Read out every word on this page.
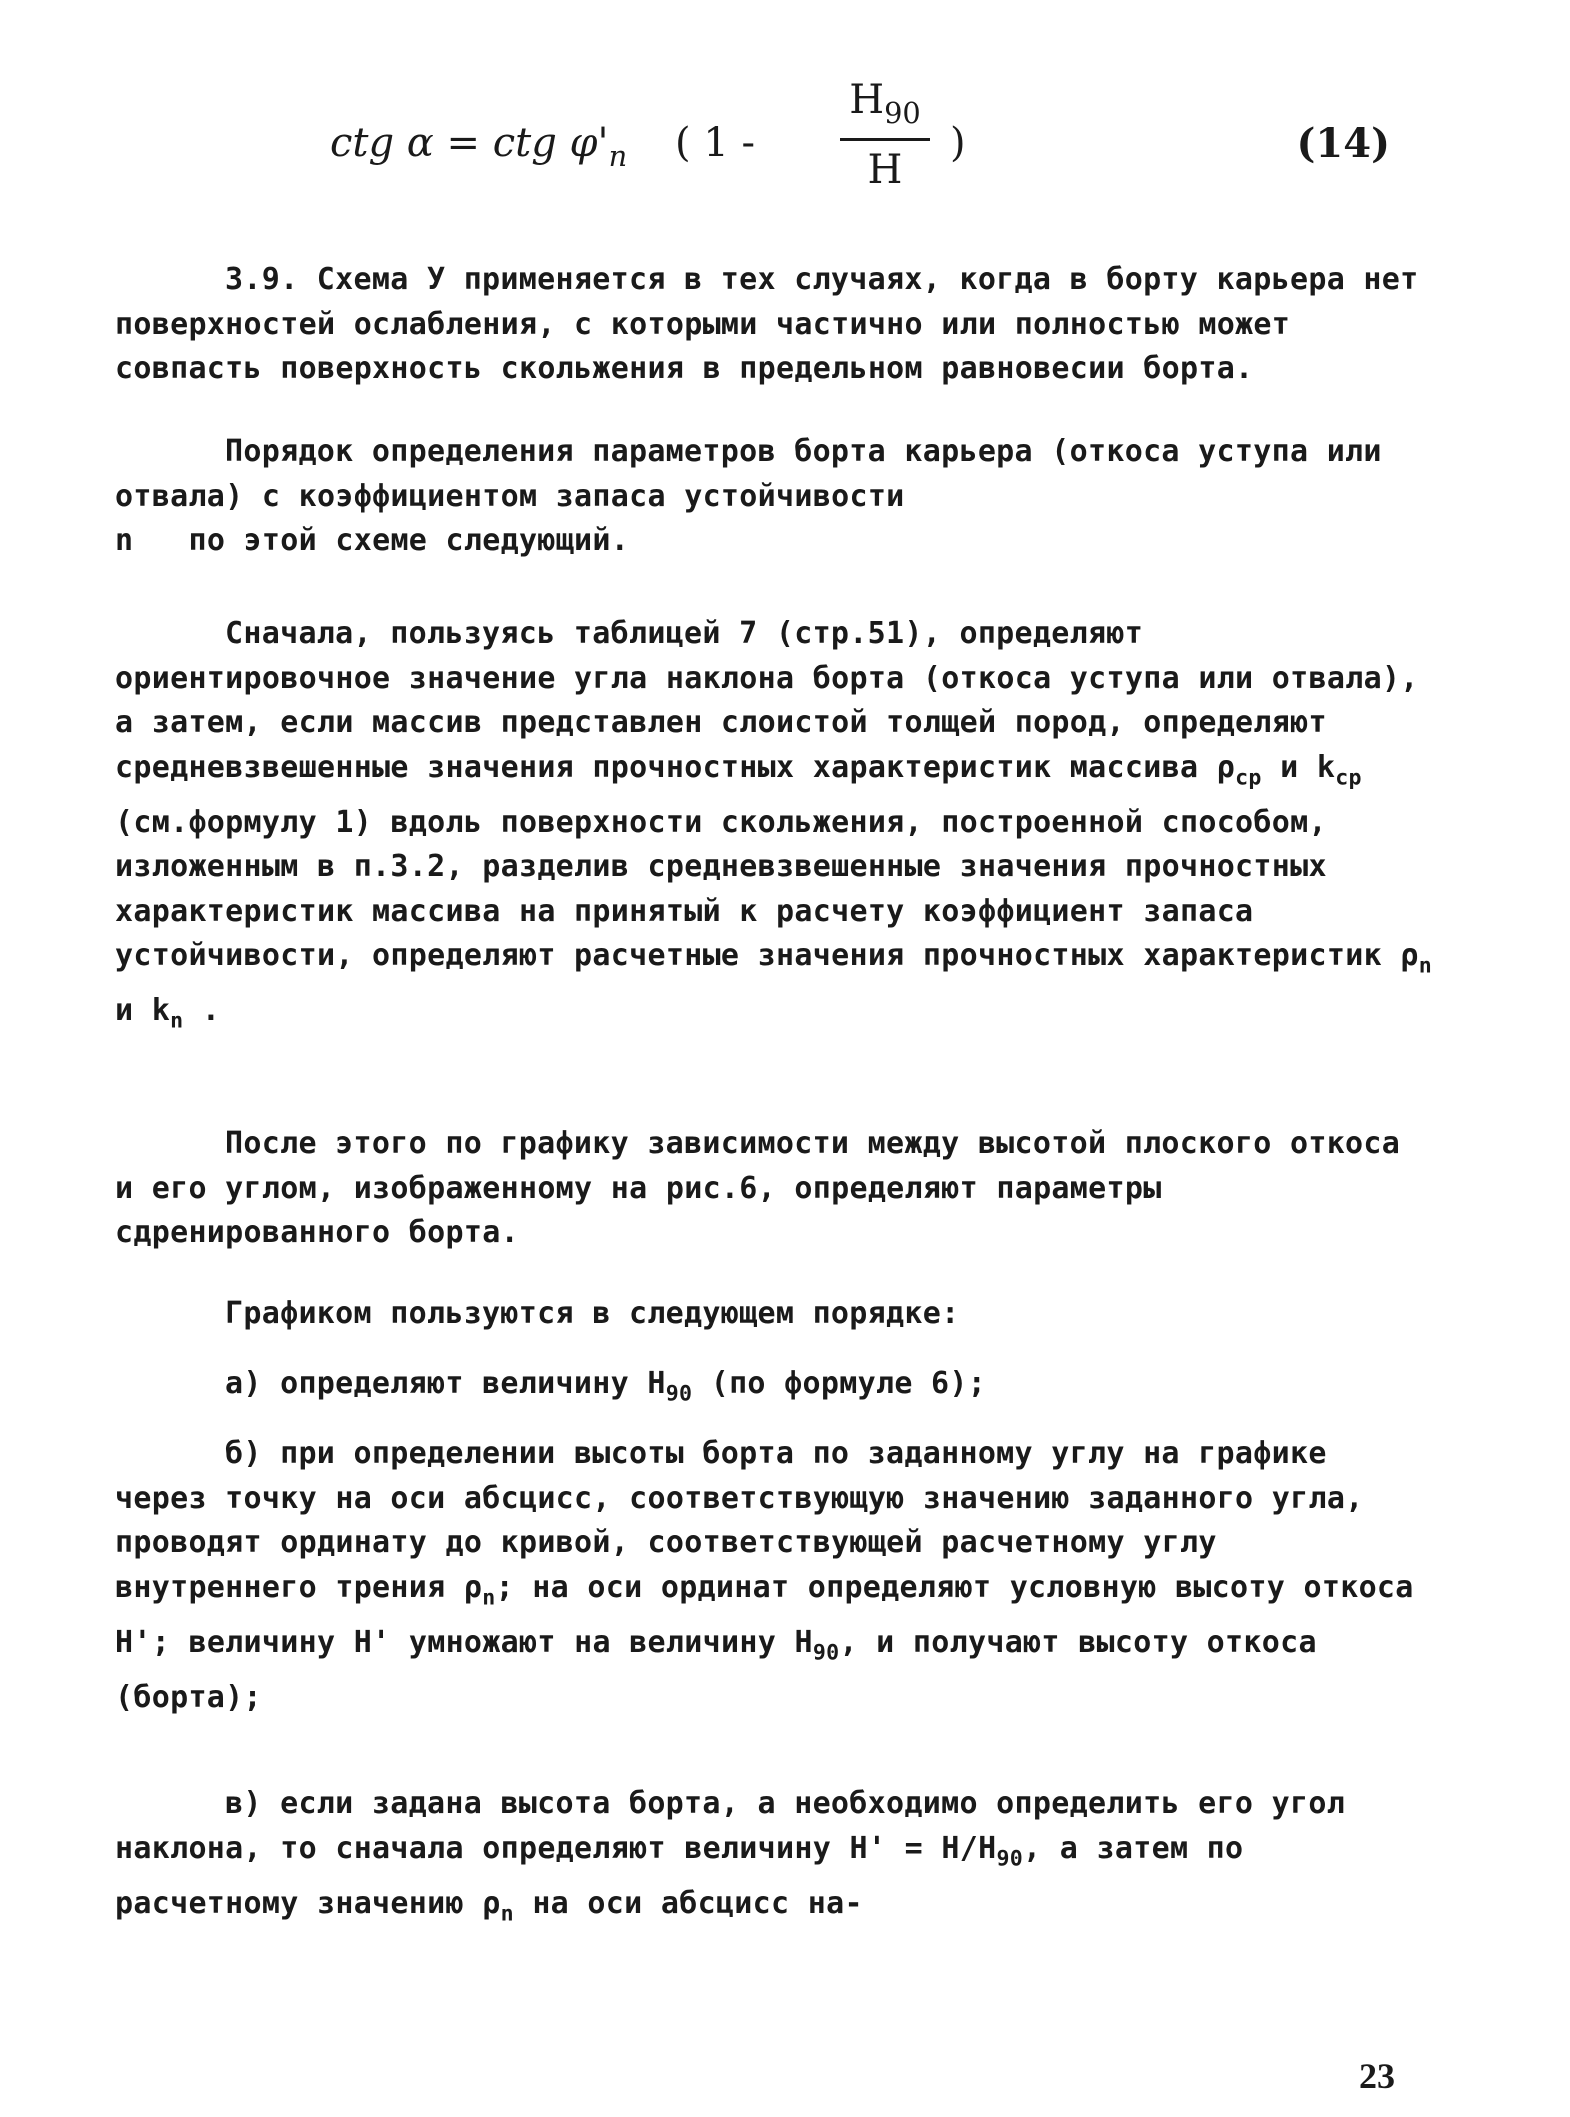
ctg α = ctg $\varphi'_n$ ( 1 -
$H_{90}$
H
)	(14)
3.9. Схема У применяется в тех случаях, когда в борту карьера нет поверхностей ослабления, с которыми частично или полностью может совпасть поверхность скольжения в предельном равновесии борта.
Порядок определения параметров борта карьера (откоса уступа или отвала) с коэффициентом запаса устойчивости
n по этой схеме следующий.
Сначала, пользуясь таблицей 7 (стр.51), определяют ориентировочное значение угла наклона борта (откоса уступа или отвала), а затем, если массив представлен слоистой толщей пород, определяют средневзвешенные значения прочностных характеристик массива $\rho_{ср}$ и $k_{ср}$ (см.формулу 1) вдоль поверхности скольжения, построенной способом, изложенным в п.3.2, разделив средневзвешенные значения прочностных характеристик массива на принятый к расчету коэффициент запаса устойчивости, определяют расчетные значения прочностных характеристик $\rho_n$ и $k_n$ .
После этого по графику зависимости между высотой плоского откоса и его углом, изображенному на рис.6, определяют параметры сдренированного борта.
Графиком пользуются в следующем порядке:
а) определяют величину $H_{90}$ (по формуле 6);
б) при определении высоты борта по заданному углу на графике через точку на оси абсцисс, соответствующую значению заданного угла, проводят ординату до кривой, соответствующей расчетному углу внутреннего трения $\rho_n$; на оси ординат определяют условную высоту откоса H'; величину H' умножают на величину $H_{90}$, и получают высоту откоса (борта);
в) если задана высота борта, а необходимо определить его угол наклона, то сначала определяют величину $H' = H/H_{90}$, а затем по расчетному значению $\rho_n$ на оси абсцисс на-
23
